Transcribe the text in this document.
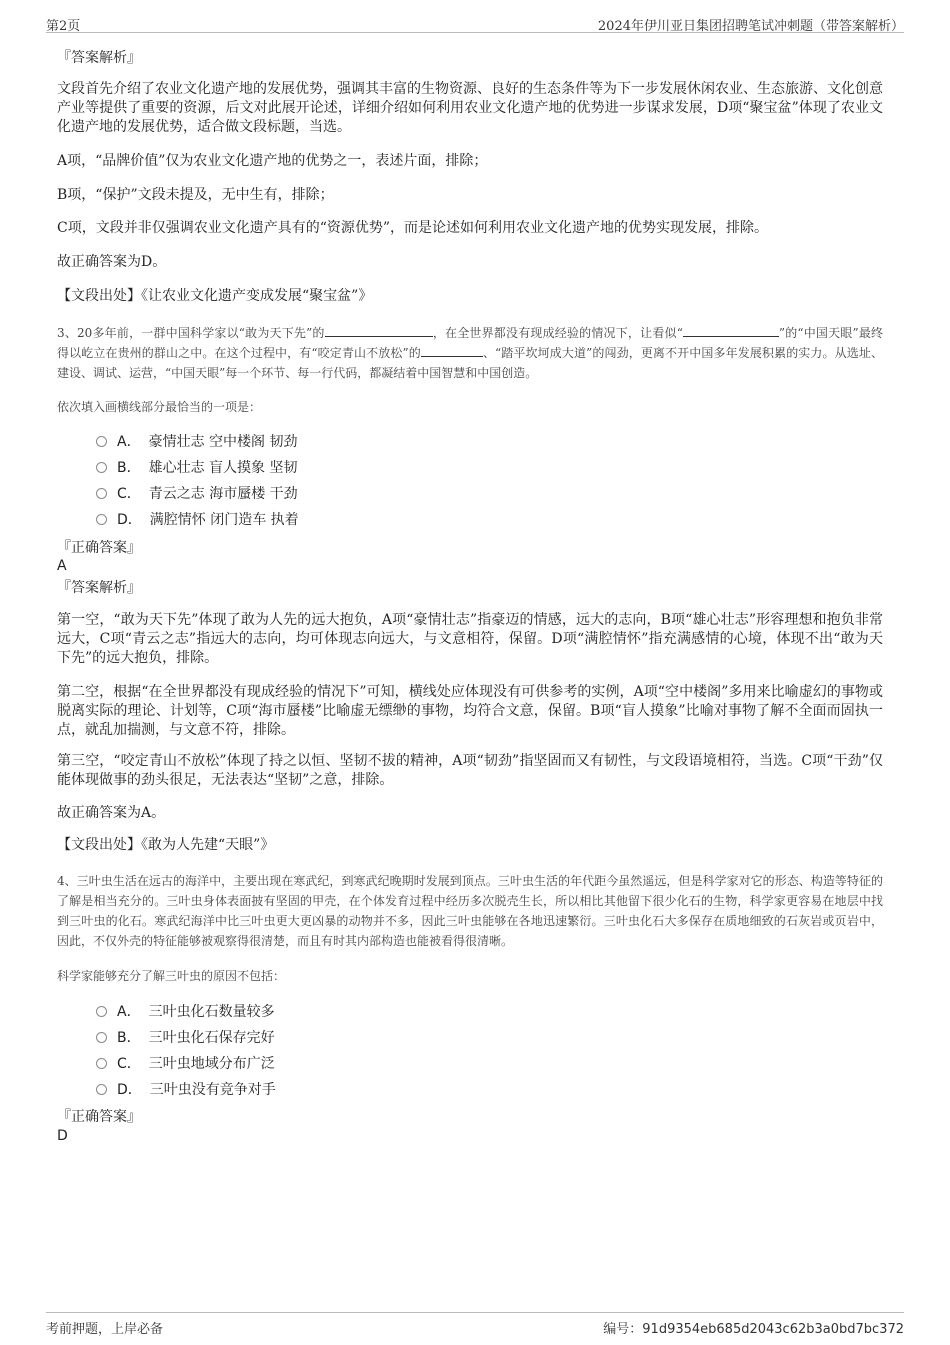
第2页	2024年伊川亚日集团招聘笔试冲刺题（带答案解析）
『答案解析』

文段首先介绍了农业文化遗产地的发展优势，强调其丰富的生物资源、良好的生态条件等为下一步发展休闲农业、生态旅游、文化创意产业等提供了重要的资源，后文对此展开论述，详细介绍如何利用农业文化遗产地的优势进一步谋求发展，D项“聚宝盆”体现了农业文化遗产地的发展优势，适合做文段标题，当选。

A项，“品牌价值”仅为农业文化遗产地的优势之一，表述片面，排除；

B项，“保护”文段未提及，无中生有，排除；

C项，文段并非仅强调农业文化遗产具有的“资源优势”，而是论述如何利用农业文化遗产地的优势实现发展，排除。

故正确答案为D。

【文段出处】《让农业文化遗产变成发展“聚宝盆”》

3、20多年前，一群中国科学家以“敢为天下先”的	，在全世界都没有现成经验的情况下，让看似“	”的“中国天眼”最终得以屹立在贵州的群山之中。在这个过程中，有“咬定青山不放松”的	、“踏平坎坷成大道”的闯劲，更离不开中国多年发展积累的实力。从选址、建设、调试、运营，“中国天眼”每一个环节、每一行代码，都凝结着中国智慧和中国创造。

依次填入画横线部分最恰当的一项是：

A． 豪情壮志 空中楼阁 韧劲
B． 雄心壮志 盲人摸象 坚韧
C． 青云之志 海市蜃楼 干劲
D． 满腔情怀 闭门造车 执着
『正确答案』
A
『答案解析』

第一空，“敢为天下先”体现了敢为人先的远大抱负，A项“豪情壮志”指豪迈的情感，远大的志向，B项“雄心壮志”形容理想和抱负非常远大，C项“青云之志”指远大的志向，均可体现志向远大，与文意相符，保留。D项“满腔情怀”指充满感情的心境，体现不出“敢为天下先”的远大抱负，排除。

第二空，根据“在全世界都没有现成经验的情况下”可知，横线处应体现没有可供参考的实例，A项“空中楼阁”多用来比喻虚幻的事物或脱离实际的理论、计划等，C项“海市蜃楼”比喻虚无缥缈的事物，均符合文意，保留。B项“盲人摸象”比喻对事物了解不全面而固执一点，就乱加揣测，与文意不符，排除。

第三空，“咬定青山不放松”体现了持之以恒、坚韧不拔的精神，A项“韧劲”指坚固而又有韧性，与文段语境相符，当选。C项“干劲”仅能体现做事的劲头很足，无法表达“坚韧”之意，排除。

故正确答案为A。

【文段出处】《敢为人先建“天眼”》

4、三叶虫生活在远古的海洋中，主要出现在寒武纪，到寒武纪晚期时发展到顶点。三叶虫生活的年代距今虽然遥远，但是科学家对它的形态、构造等特征的了解是相当充分的。三叶虫身体表面披有坚固的甲壳，在个体发育过程中经历多次脱壳生长，所以相比其他留下很少化石的生物，科学家更容易在地层中找到三叶虫的化石。寒武纪海洋中比三叶虫更大更凶暴的动物并不多，因此三叶虫能够在各地迅速繁衍。三叶虫化石大多保存在质地细致的石灰岩或页岩中，因此，不仅外壳的特征能够被观察得很清楚，而且有时其内部构造也能被看得很清晰。

科学家能够充分了解三叶虫的原因不包括：

A． 三叶虫化石数量较多
B． 三叶虫化石保存完好
C． 三叶虫地域分布广泛
D． 三叶虫没有竞争对手
『正确答案』
D
考前押题，上岸必备	编号：91d9354eb685d2043c62b3a0bd7bc372
